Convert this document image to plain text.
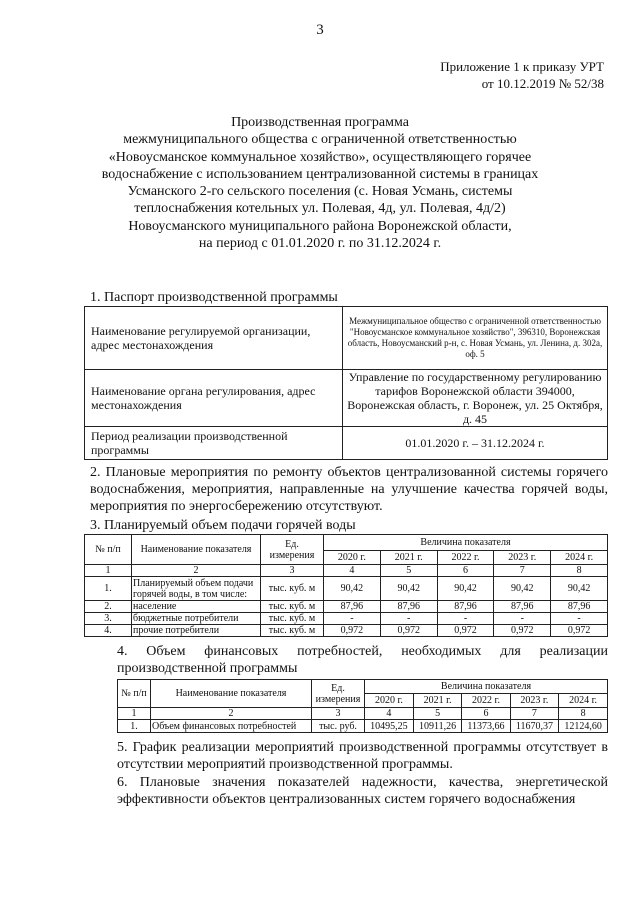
3
Приложение 1 к приказу УРТ
от 10.12.2019 № 52/38
Производственная программа
межмуниципального общества с ограниченной ответственностью
«Новоусманское коммунальное хозяйство», осуществляющего горячее
водоснабжение с использованием централизованной системы в границах
Усманского 2-го сельского поселения (с. Новая Усмань, системы
теплоснабжения котельных ул. Полевая, 4д, ул. Полевая, 4д/2)
Новоусманского муниципального района Воронежской области,
на период с 01.01.2020 г. по 31.12.2024 г.
1. Паспорт производственной программы
Наименование регулируемой организации,
адрес местонахождения	Межмуниципальное общество с ограниченной ответственностью "Новоусманское коммунальное хозяйство", 396310, Воронежская область, Новоусманский р-н, с. Новая Усмань, ул. Ленина, д. 302а, оф. 5
Наименование органа регулирования, адрес местонахождения	Управление по государственному регулированию тарифов Воронежской области 394000, Воронежская область, г. Воронеж, ул. 25 Октября, д. 45
Период реализации производственной программы	01.01.2020 г. – 31.12.2024 г.
2. Плановые мероприятия по ремонту объектов централизованной системы горячего водоснабжения, мероприятия, направленные на улучшение качества горячей воды, мероприятия по энергосбережению отсутствуют.
3. Планируемый объем подачи горячей воды
№ п/п	Наименование показателя	Ед. измерения	Величина показателя				
			2020 г.	2021 г.	2022 г.	2023 г.	2024 г.
1	2	3	4	5	6	7	8
1.	Планируемый объем подачи горячей воды, в том числе:	тыс. куб. м	90,42	90,42	90,42	90,42	90,42
2.	население	тыс. куб. м	87,96	87,96	87,96	87,96	87,96
3.	бюджетные потребители	тыс. куб. м	-	-	-	-	-
4.	прочие потребители	тыс. куб. м	0,972	0,972	0,972	0,972	0,972
4. Объем финансовых потребностей, необходимых для реализации производственной программы
№ п/п	Наименование показателя	Ед. измерения	Величина показателя				
			2020 г.	2021 г.	2022 г.	2023 г.	2024 г.
1	2	3	4	5	6	7	8
1.	Объем финансовых потребностей	тыс. руб.	10495,25	10911,26	11373,66	11670,37	12124,60
5. График реализации мероприятий производственной программы отсутствует в отсутствии мероприятий производственной программы.
6. Плановые значения показателей надежности, качества, энергетической эффективности объектов централизованных систем горячего водоснабжения
